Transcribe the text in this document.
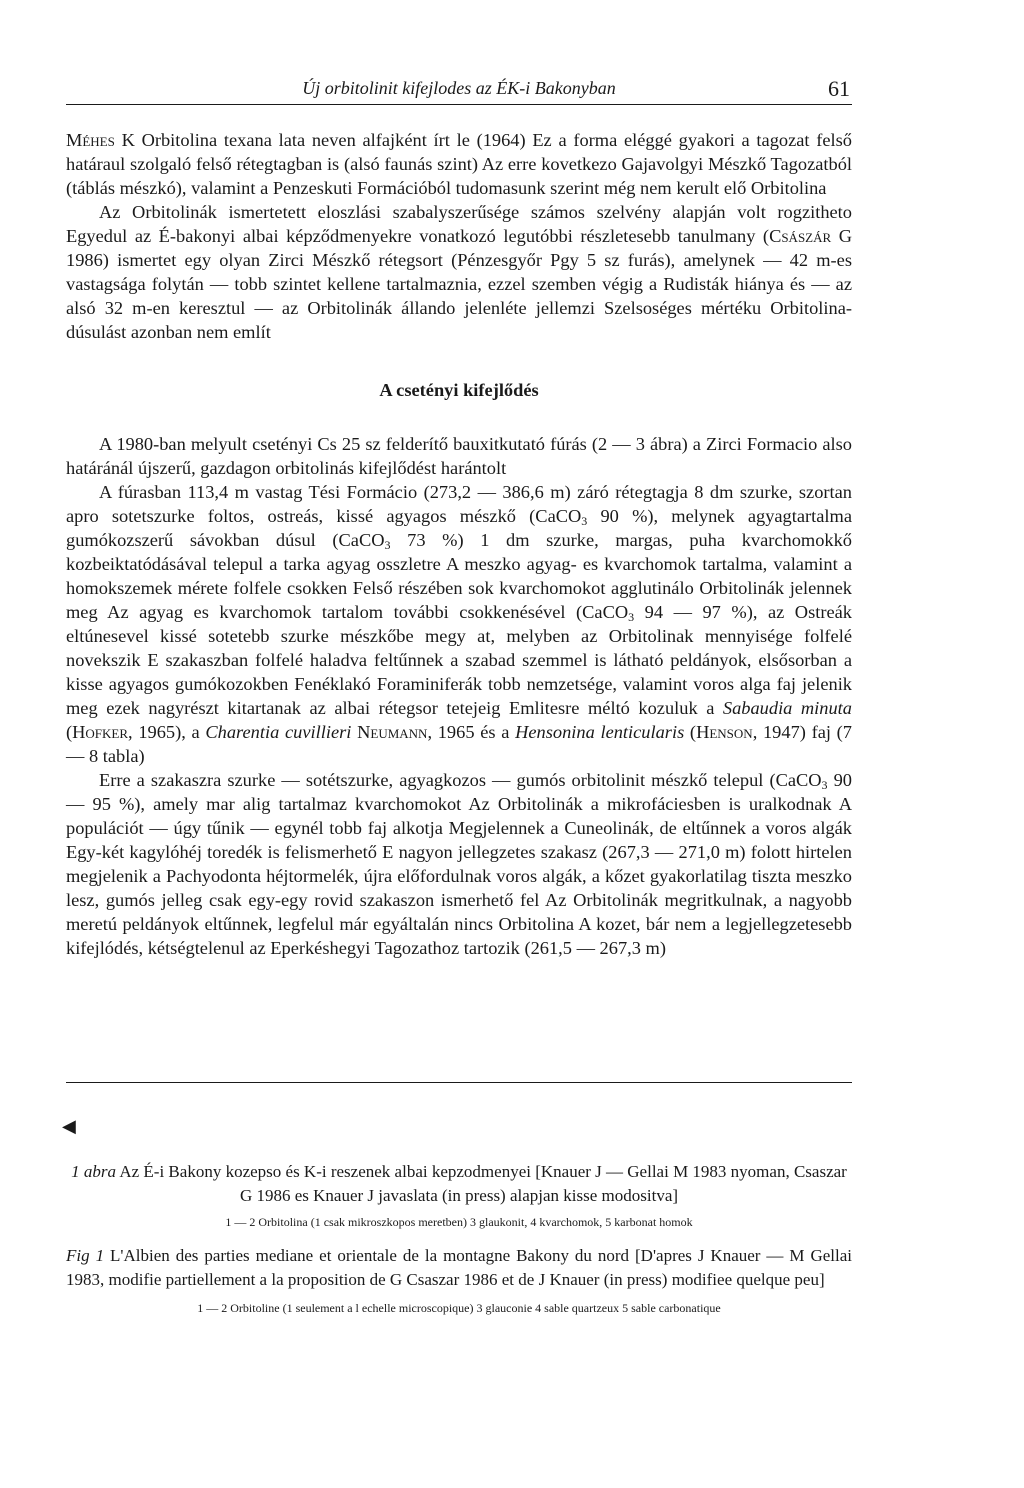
Új orbitolinit kifejlodes az ÉK-i Bakonyban	61

Méhes K Orbitolina texana lata neven alfajként írt le (1964) Ez a forma eléggé gyakori a tagozat felső határaul szolgaló felső rétegtagban is (alsó faunás szint) Az erre kovetkezo Gajavolgyi Mészkő Tagozatból (táblás mészkó), valamint a Penzeskuti Formációból tudomasunk szerint még nem kerult elő Orbitolina

Az Orbitolinák ismertetett eloszlási szabalyszerűsége számos szelvény alapján volt rogzitheto Egyedul az É-bakonyi albai képződmenyekre vonatkozó legutóbbi részletesebb tanulmany (Császár G 1986) ismertet egy olyan Zirci Mészkő rétegsort (Pénzesgyőr Pgy 5 sz furás), amelynek — 42 m-es vastagsága folytán — tobb szintet kellene tartalmaznia, ezzel szemben végig a Rudisták hiánya és — az alsó 32 m-en keresztul — az Orbitolinák állando jelenléte jellemzi Szelsoséges mértéku Orbitolina-dúsulást azonban nem említ

A csetényi kifejlődés

A 1980-ban melyult csetényi Cs 25 sz felderítő bauxitkutató fúrás (2 — 3 ábra) a Zirci Formacio also határánál újszerű, gazdagon orbitolinás kifejlődést harántolt

A fúrasban 113,4 m vastag Tési Formácio (273,2 — 386,6 m) záró rétegtagja 8 dm szurke, szortan apro sotetszurke foltos, ostreás, kissé agyagos mészkő (CaCO$_3$ 90 %), melynek agyagtartalma gumókozszerű sávokban dúsul (CaCO$_3$ 73 %) 1 dm szurke, margas, puha kvarchomokkő kozbeiktatódásával telepul a tarka agyag osszletre A meszko agyag- es kvarchomok tartalma, valamint a homokszemek mérete folfele csokken Felső részében sok kvarchomokot agglutinálo Orbitolinák jelennek meg Az agyag es kvarchomok tartalom további csokkenésével (CaCO$_3$ 94 — 97 %), az Ostreák eltúnesevel kissé sotetebb szurke mészkőbe megy at, melyben az Orbitolinak mennyisége folfelé novekszik E szakaszban folfelé haladva feltűnnek a szabad szemmel is látható peldányok, elsősorban a kisse agyagos gumókozokben Fenéklakó Foraminiferák tobb nemzetsége, valamint voros alga faj jelenik meg ezek nagyrészt kitartanak az albai rétegsor tetejeig Emlitesre méltó kozuluk a Sabaudia minuta (Hofker, 1965), a Charentia cuvillieri Neumann, 1965 és a Hensonina lenticularis (Henson, 1947) faj (7 — 8 tabla)

Erre a szakaszra szurke — sotétszurke, agyagkozos — gumós orbitolinit mészkő telepul (CaCO$_3$ 90 — 95 %), amely mar alig tartalmaz kvarchomokot Az Orbitolinák a mikrofáciesben is uralkodnak A populációt — úgy tűnik — egynél tobb faj alkotja Megjelennek a Cuneolinák, de eltűnnek a voros algák Egy-két kagylóhéj toredék is felismerhető E nagyon jellegzetes szakasz (267,3 — 271,0 m) folott hirtelen megjelenik a Pachyodonta héjtormelék, újra előfordulnak voros algák, a kőzet gyakorlatilag tiszta meszko lesz, gumós jelleg csak egy-egy rovid szakaszon ismerhető fel Az Orbitolinák megritkulnak, a nagyobb meretú peldányok eltűnnek, legfelul már egyáltalán nincs Orbitolina A kozet, bár nem a legjellegzetesebb kifejlódés, kétségtelenul az Eperkéshegyi Tagozathoz tartozik (261,5 — 267,3 m)

◀

1 abra Az É-i Bakony kozepso és K-i reszenek albai kepzodmenyei [Knauer J — Gellai M 1983 nyoman, Csaszar G 1986 es Knauer J javaslata (in press) alapjan kisse modositva]

1 — 2 Orbitolina (1 csak mikroszkopos meretben) 3 glaukonit, 4 kvarchomok, 5 karbonat homok

Fig 1 L'Albien des parties mediane et orientale de la montagne Bakony du nord [D'apres J Knauer — M Gellai 1983, modifie partiellement a la proposition de G Csaszar 1986 et de J Knauer (in press) modifiee quelque peu]

1 — 2 Orbitoline (1 seulement a l echelle microscopique) 3 glauconie 4 sable quartzeux 5 sable carbonatique
